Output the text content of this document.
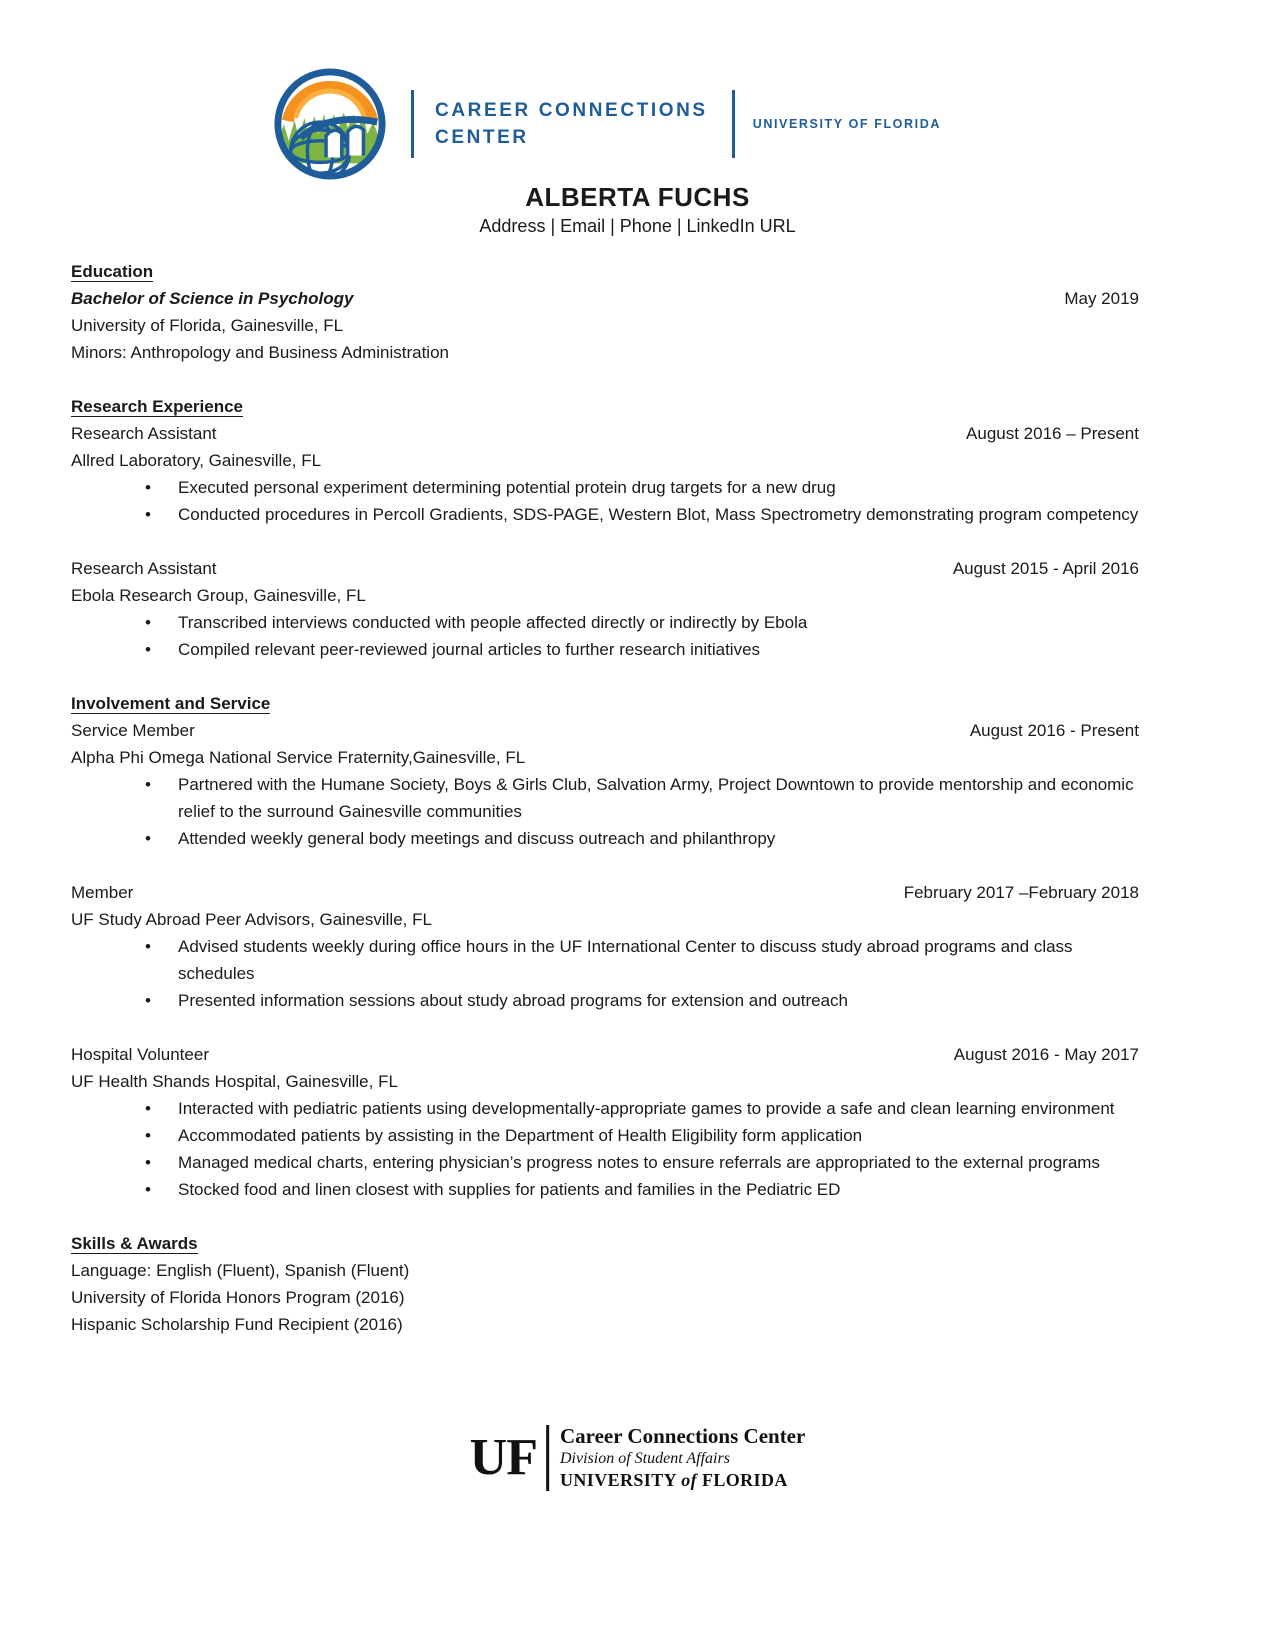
CAREER CONNECTIONS
CENTER
UNIVERSITY OF FLORIDA
ALBERTA FUCHS
Address | Email | Phone | LinkedIn URL
Education
Bachelor of Science in Psychology	May 2019
University of Florida, Gainesville, FL
Minors: Anthropology and Business Administration
Research Experience
Research Assistant	August 2016 – Present
Allred Laboratory, Gainesville, FL
• Executed personal experiment determining potential protein drug targets for a new drug
• Conducted procedures in Percoll Gradients, SDS-PAGE, Western Blot, Mass Spectrometry demonstrating program competency
Research Assistant	August 2015 - April 2016
Ebola Research Group, Gainesville, FL
• Transcribed interviews conducted with people affected directly or indirectly by Ebola
• Compiled relevant peer-reviewed journal articles to further research initiatives
Involvement and Service
Service Member	August 2016 - Present
Alpha Phi Omega National Service Fraternity,Gainesville, FL
• Partnered with the Humane Society, Boys & Girls Club, Salvation Army, Project Downtown to provide mentorship and economic relief to the surround Gainesville communities
• Attended weekly general body meetings and discuss outreach and philanthropy
Member	February 2017 –February 2018
UF Study Abroad Peer Advisors, Gainesville, FL
• Advised students weekly during office hours in the UF International Center to discuss study abroad programs and class schedules
• Presented information sessions about study abroad programs for extension and outreach
Hospital Volunteer	August 2016 - May 2017
UF Health Shands Hospital, Gainesville, FL
• Interacted with pediatric patients using developmentally-appropriate games to provide a safe and clean learning environment
• Accommodated patients by assisting in the Department of Health Eligibility form application
• Managed medical charts, entering physician’s progress notes to ensure referrals are appropriated to the external programs
• Stocked food and linen closest with supplies for patients and families in the Pediatric ED
Skills & Awards
Language: English (Fluent), Spanish (Fluent)
University of Florida Honors Program (2016)
Hispanic Scholarship Fund Recipient (2016)
UF Career Connections Center
Division of Student Affairs
UNIVERSITY of FLORIDA
